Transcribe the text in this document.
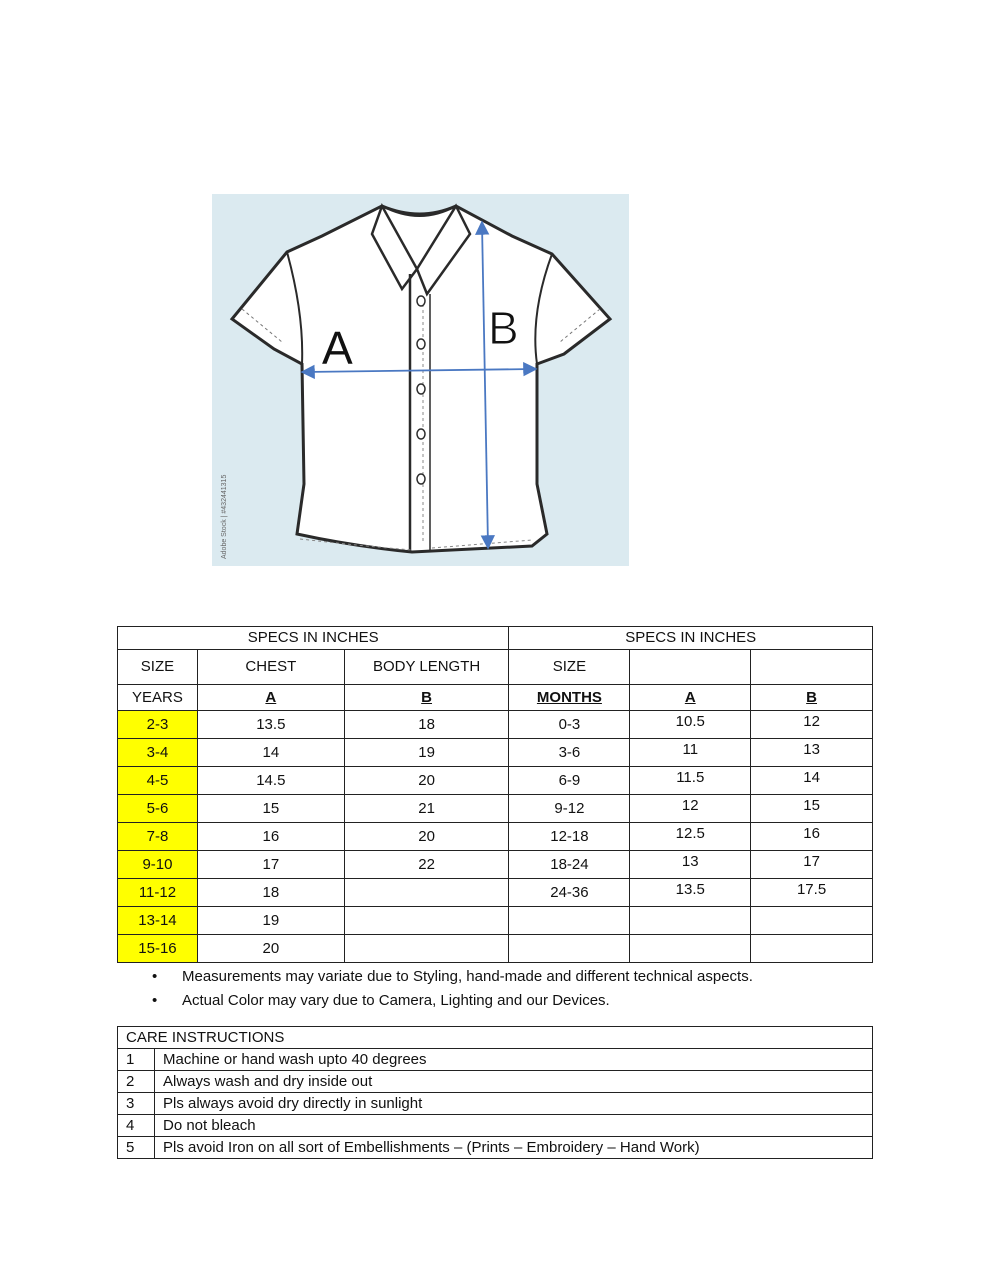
A	B
Adobe Stock | #432441315
SPECS IN INCHES			SPECS IN INCHES		
SIZE	CHEST	BODY LENGTH	SIZE		
YEARS	A	B	MONTHS	A	B
2-3	13.5	18	0-3	10.5	12
3-4	14	19	3-6	11	13
4-5	14.5	20	6-9	11.5	14
5-6	15	21	9-12	12	15
7-8	16	20	12-18	12.5	16
9-10	17	22	18-24	13	17
11-12	18		24-36	13.5	17.5
13-14	19				
15-16	20				
• Measurements may variate due to Styling, hand-made and different technical aspects.
• Actual Color may vary due to Camera, Lighting and our Devices.
CARE INSTRUCTIONS	
1	Machine or hand wash upto 40 degrees
2	Always wash and dry inside out
3	Pls always avoid dry directly in sunlight
4	Do not bleach
5	Pls avoid Iron on all sort of Embellishments – (Prints – Embroidery – Hand Work)
